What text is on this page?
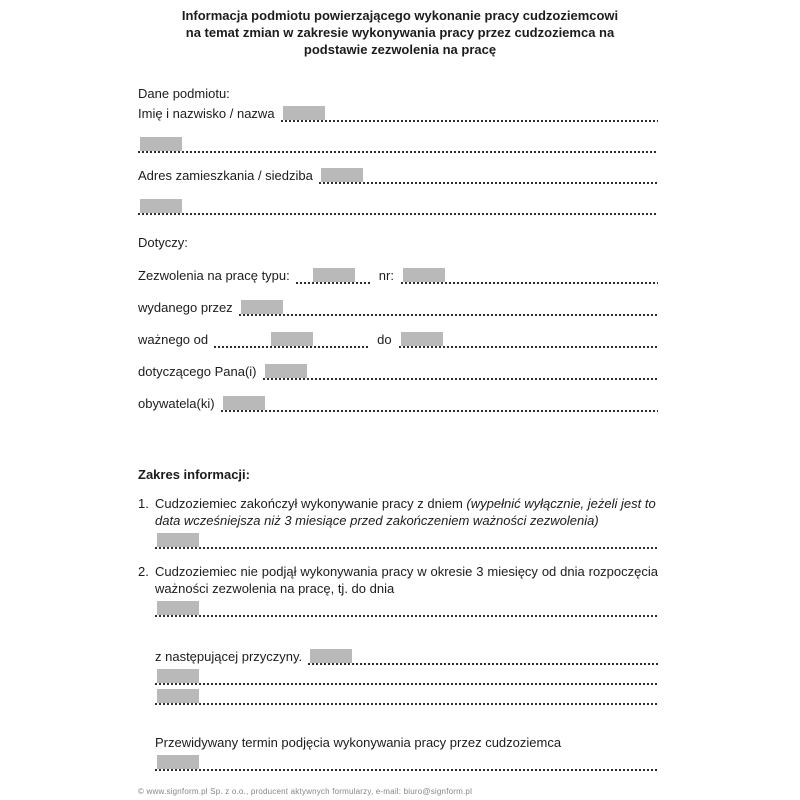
Informacja podmiotu powierzającego wykonanie pracy cudzoziemcowi
na temat zmian w zakresie wykonywania pracy przez cudzoziemca na
podstawie zezwolenia na pracę
Dane podmiotu:
Imię i nazwisko / nazwa
Adres zamieszkania / siedziba
Dotyczy:
Zezwolenia na pracę typu:	nr:
wydanego przez
ważnego od	do
dotyczącego Pana(i)
obywatela(ki)
Zakres informacji:
1. Cudzoziemiec zakończył wykonywanie pracy z dniem (wypełnić wyłącznie, jeżeli jest to data wcześniejsza niż 3 miesiące przed zakończeniem ważności zezwolenia)
2. Cudzoziemiec nie podjął wykonywania pracy w okresie 3 miesięcy od dnia rozpoczęcia ważności zezwolenia na pracę, tj. do dnia
z następującej przyczyny.
Przewidywany termin podjęcia wykonywania pracy przez cudzoziemca
© www.signform.pl Sp. z o.o., producent aktywnych formularzy, e-mail: biuro@signform.pl
